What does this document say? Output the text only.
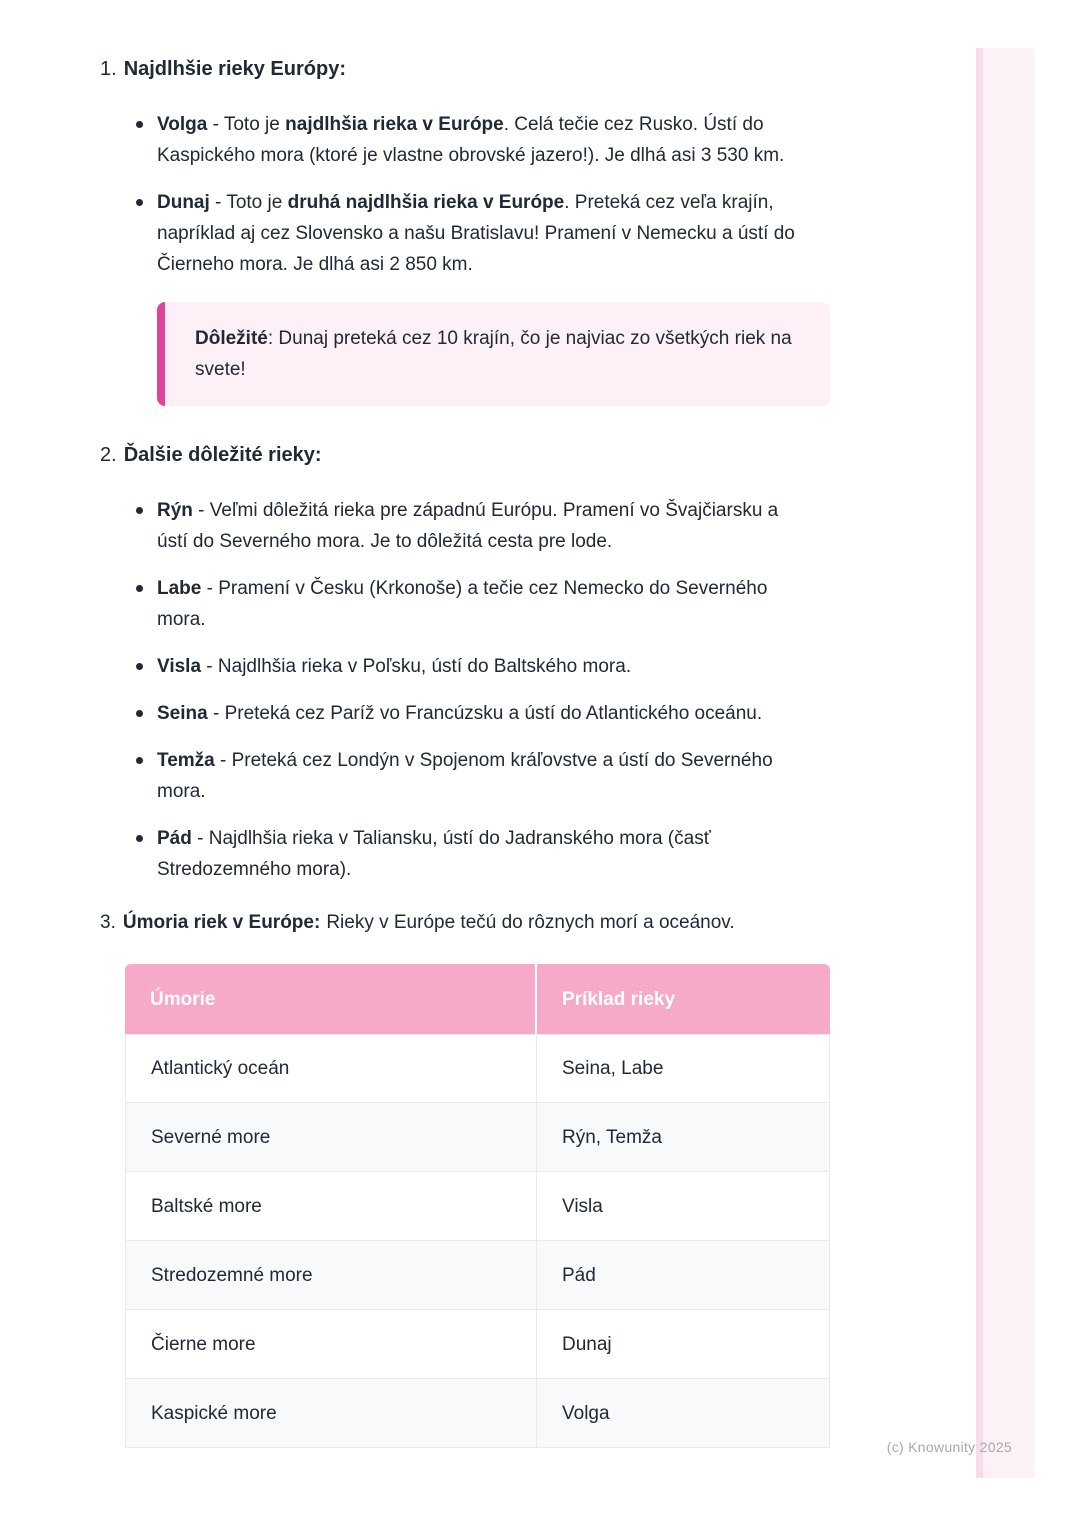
1. Najdlhšie rieky Európy:
Volga - Toto je najdlhšia rieka v Európe. Celá tečie cez Rusko. Ústí do Kaspického mora (ktoré je vlastne obrovské jazero!). Je dlhá asi 3 530 km.
Dunaj - Toto je druhá najdlhšia rieka v Európe. Preteká cez veľa krajín, napríklad aj cez Slovensko a našu Bratislavu! Pramení v Nemecku a ústí do Čierneho mora. Je dlhá asi 2 850 km.

Dôležité: Dunaj preteká cez 10 krajín, čo je najviac zo všetkých riek na svete!

2. Ďalšie dôležité rieky:
Rýn - Veľmi dôležitá rieka pre západnú Európu. Pramení vo Švajčiarsku a ústí do Severného mora. Je to dôležitá cesta pre lode.
Labe - Pramení v Česku (Krkonoše) a tečie cez Nemecko do Severného mora.
Visla - Najdlhšia rieka v Poľsku, ústí do Baltského mora.
Seina - Preteká cez Paríž vo Francúzsku a ústí do Atlantického oceánu.
Temža - Preteká cez Londýn v Spojenom kráľovstve a ústí do Severného mora.
Pád - Najdlhšia rieka v Taliansku, ústí do Jadranského mora (časť Stredozemného mora).
3. Úmoria riek v Európe: Rieky v Európe tečú do rôznych morí a oceánov.
Úmorie	Príklad rieky
Atlantický oceán	Seina, Labe
Severné more	Rýn, Temža
Baltské more	Visla
Stredozemné more	Pád
Čierne more	Dunaj
Kaspické more	Volga
(c) Knowunity 2025
